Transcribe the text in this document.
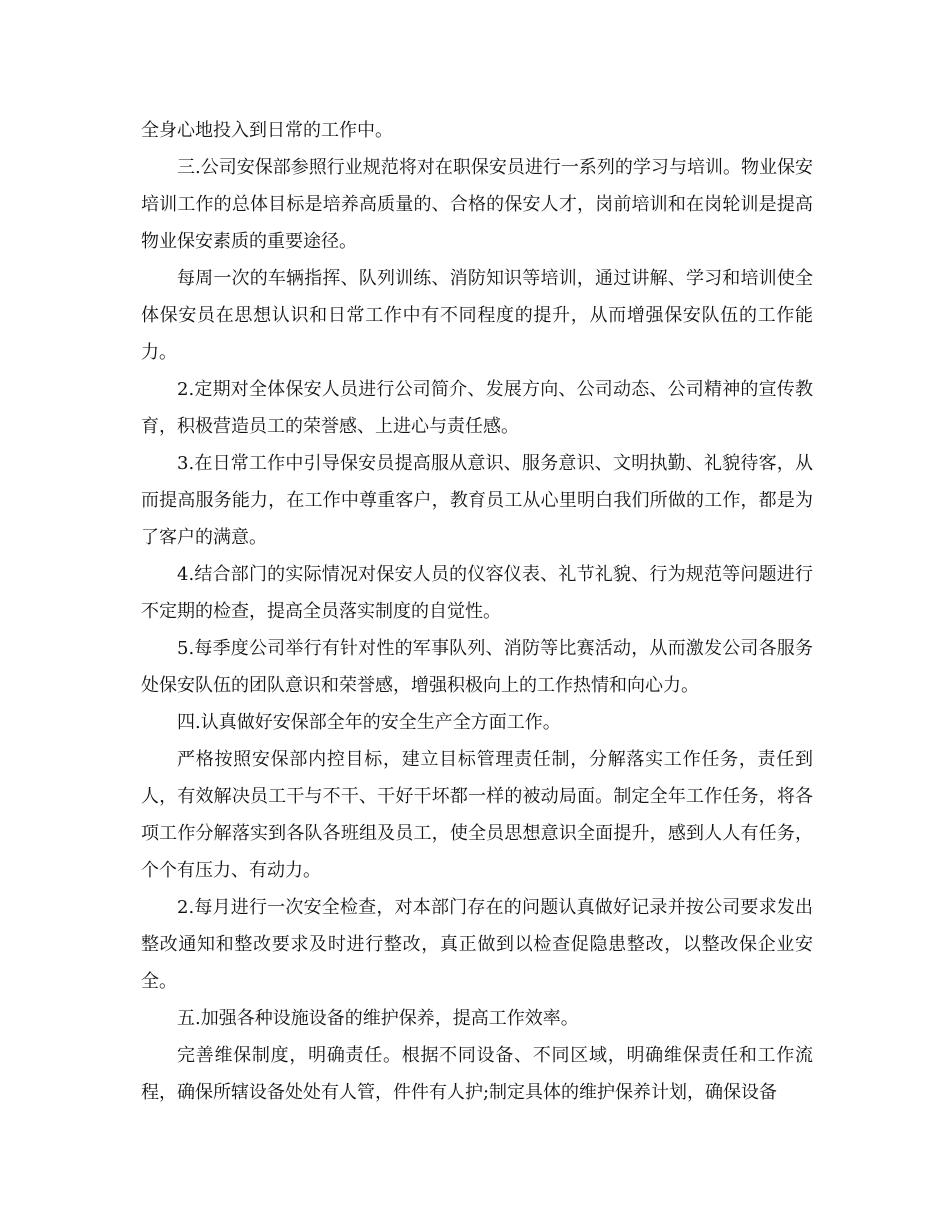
全身心地投入到日常的工作中。

三.公司安保部参照行业规范将对在职保安员进行一系列的学习与培训。物业保安培训工作的总体目标是培养高质量的、合格的保安人才，岗前培训和在岗轮训是提高物业保安素质的重要途径。

每周一次的车辆指挥、队列训练、消防知识等培训，通过讲解、学习和培训使全体保安员在思想认识和日常工作中有不同程度的提升，从而增强保安队伍的工作能力。

2.定期对全体保安人员进行公司简介、发展方向、公司动态、公司精神的宣传教育，积极营造员工的荣誉感、上进心与责任感。

3.在日常工作中引导保安员提高服从意识、服务意识、文明执勤、礼貌待客，从而提高服务能力，在工作中尊重客户，教育员工从心里明白我们所做的工作，都是为了客户的满意。

4.结合部门的实际情况对保安人员的仪容仪表、礼节礼貌、行为规范等问题进行不定期的检查，提高全员落实制度的自觉性。

5.每季度公司举行有针对性的军事队列、消防等比赛活动，从而激发公司各服务处保安队伍的团队意识和荣誉感，增强积极向上的工作热情和向心力。

四.认真做好安保部全年的安全生产全方面工作。

严格按照安保部内控目标，建立目标管理责任制，分解落实工作任务，责任到人，有效解决员工干与不干、干好干坏都一样的被动局面。制定全年工作任务，将各项工作分解落实到各队各班组及员工，使全员思想意识全面提升，感到人人有任务，个个有压力、有动力。

2.每月进行一次安全检查，对本部门存在的问题认真做好记录并按公司要求发出整改通知和整改要求及时进行整改，真正做到以检查促隐患整改，以整改保企业安全。

五.加强各种设施设备的维护保养，提高工作效率。

完善维保制度，明确责任。根据不同设备、不同区域，明确维保责任和工作流程，确保所辖设备处处有人管，件件有人护;制定具体的维护保养计划，确保设备
